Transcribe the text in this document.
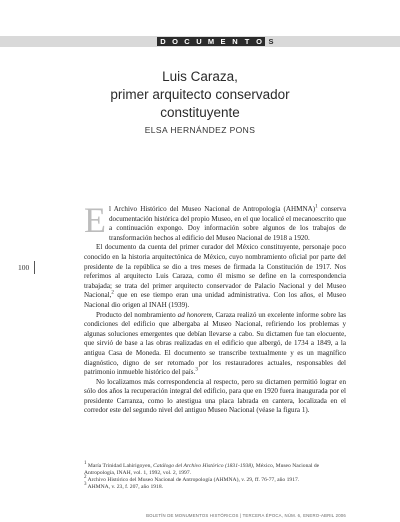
D O C U M E N T O S
Luis Caraza,
primer arquitecto conservador
constituyente
ELSA HERNÁNDEZ PONS
100

El Archivo Histórico del Museo Nacional de Antropología (AHMNA)$^1$ conserva documentación histórica del propio Museo, en el que localicé el mecanoescrito que a continuación expongo. Doy información sobre algunos de los trabajos de transformación hechos al edificio del Museo Nacional de 1918 a 1920.

El documento da cuenta del primer curador del México constituyente, personaje poco conocido en la historia arquitectónica de México, cuyo nombramiento oficial por parte del presidente de la república se dio a tres meses de firmada la Constitución de 1917. Nos referimos al arquitecto Luis Caraza, como él mismo se define en la correspondencia trabajada; se trata del primer arquitecto conservador de Palacio Nacional y del Museo Nacional,$^2$ que en ese tiempo eran una unidad administrativa. Con los años, el Museo Nacional dio origen al INAH (1939).

Producto del nombramiento ad honorem, Caraza realizó un excelente informe sobre las condiciones del edificio que albergaba al Museo Nacional, refiriendo los problemas y algunas soluciones emergentes que debían llevarse a cabo. Su dictamen fue tan elocuente, que sirvió de base a las obras realizadas en el edificio que albergó, de 1734 a 1849, a la antigua Casa de Moneda. El documento se transcribe textualmente y es un magnífico diagnóstico, digno de ser retomado por los restauradores actuales, responsables del patrimonio inmueble histórico del país.$^3$

No localizamos más correspondencia al respecto, pero su dictamen permitió lograr en sólo dos años la recuperación integral del edificio, para que en 1920 fuera inaugurada por el presidente Carranza, como lo atestigua una placa labrada en cantera, localizada en el corredor este del segundo nivel del antiguo Museo Nacional (véase la figura 1).

$^1$ María Trinidad Lahirigoyen, Catálogo del Archivo Histórico (1831-1938), México, Museo Nacional de Antropología, INAH, vol. 1, 1992, vol. 2, 1997.
$^2$ Archivo Histórico del Museo Nacional de Antropología (AHMNA), v. 29, ff. 76-77, año 1917.
$^3$ AHMNA, v. 23, f. 207, año 1918.
BOLETÍN DE MONUMENTOS HISTÓRICOS | TERCERA ÉPOCA, NÚM. 6, ENERO-ABRIL 2006
